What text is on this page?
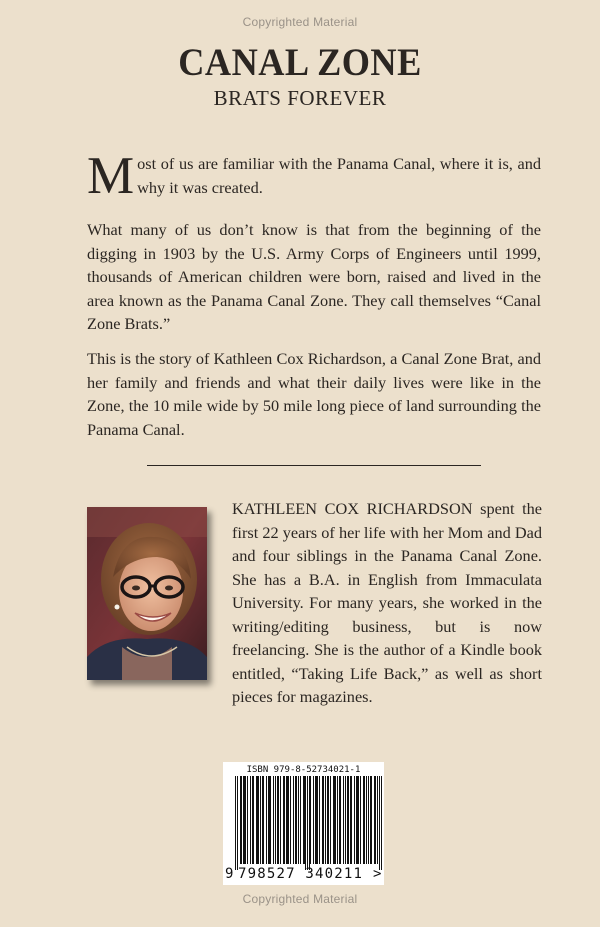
Copyrighted Material
CANAL ZONE
BRATS FOREVER
Most of us are familiar with the Panama Canal, where it is, and why it was created.
What many of us don’t know is that from the beginning of the digging in 1903 by the U.S. Army Corps of Engineers until 1999, thousands of American children were born, raised and lived in the area known as the Panama Canal Zone. They call themselves “Canal Zone Brats.”
This is the story of Kathleen Cox Richardson, a Canal Zone Brat, and her family and friends and what their daily lives were like in the Zone, the 10 mile wide by 50 mile long piece of land surrounding the Panama Canal.
KATHLEEN COX RICHARDSON spent the first 22 years of her life with her Mom and Dad and four siblings in the Panama Canal Zone. She has a B.A. in English from Immaculata University. For many years, she worked in the writing/editing business, but is now freelancing. She is the author of a Kindle book entitled, “Taking Life Back,” as well as short pieces for magazines.
ISBN 979-8-52734021-1
9 798527 340211 >
Copyrighted Material
